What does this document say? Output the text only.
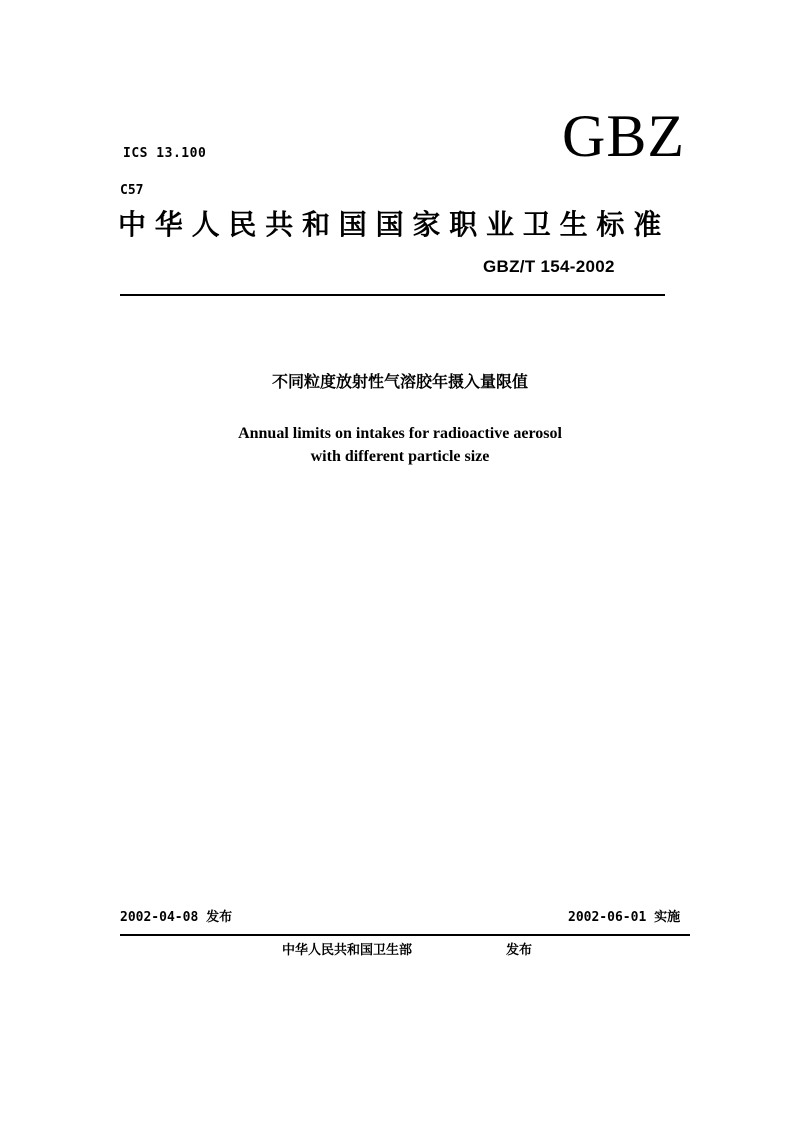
ICS 13.100	GBZ
C57
中华人民共和国国家职业卫生标准
GBZ/T 154-2002
不同粒度放射性气溶胶年摄入量限值
Annual limits on intakes for radioactive aerosol
with different particle size
2002-04-08 发布	2002-06-01 实施
中华人民共和国卫生部	发布
